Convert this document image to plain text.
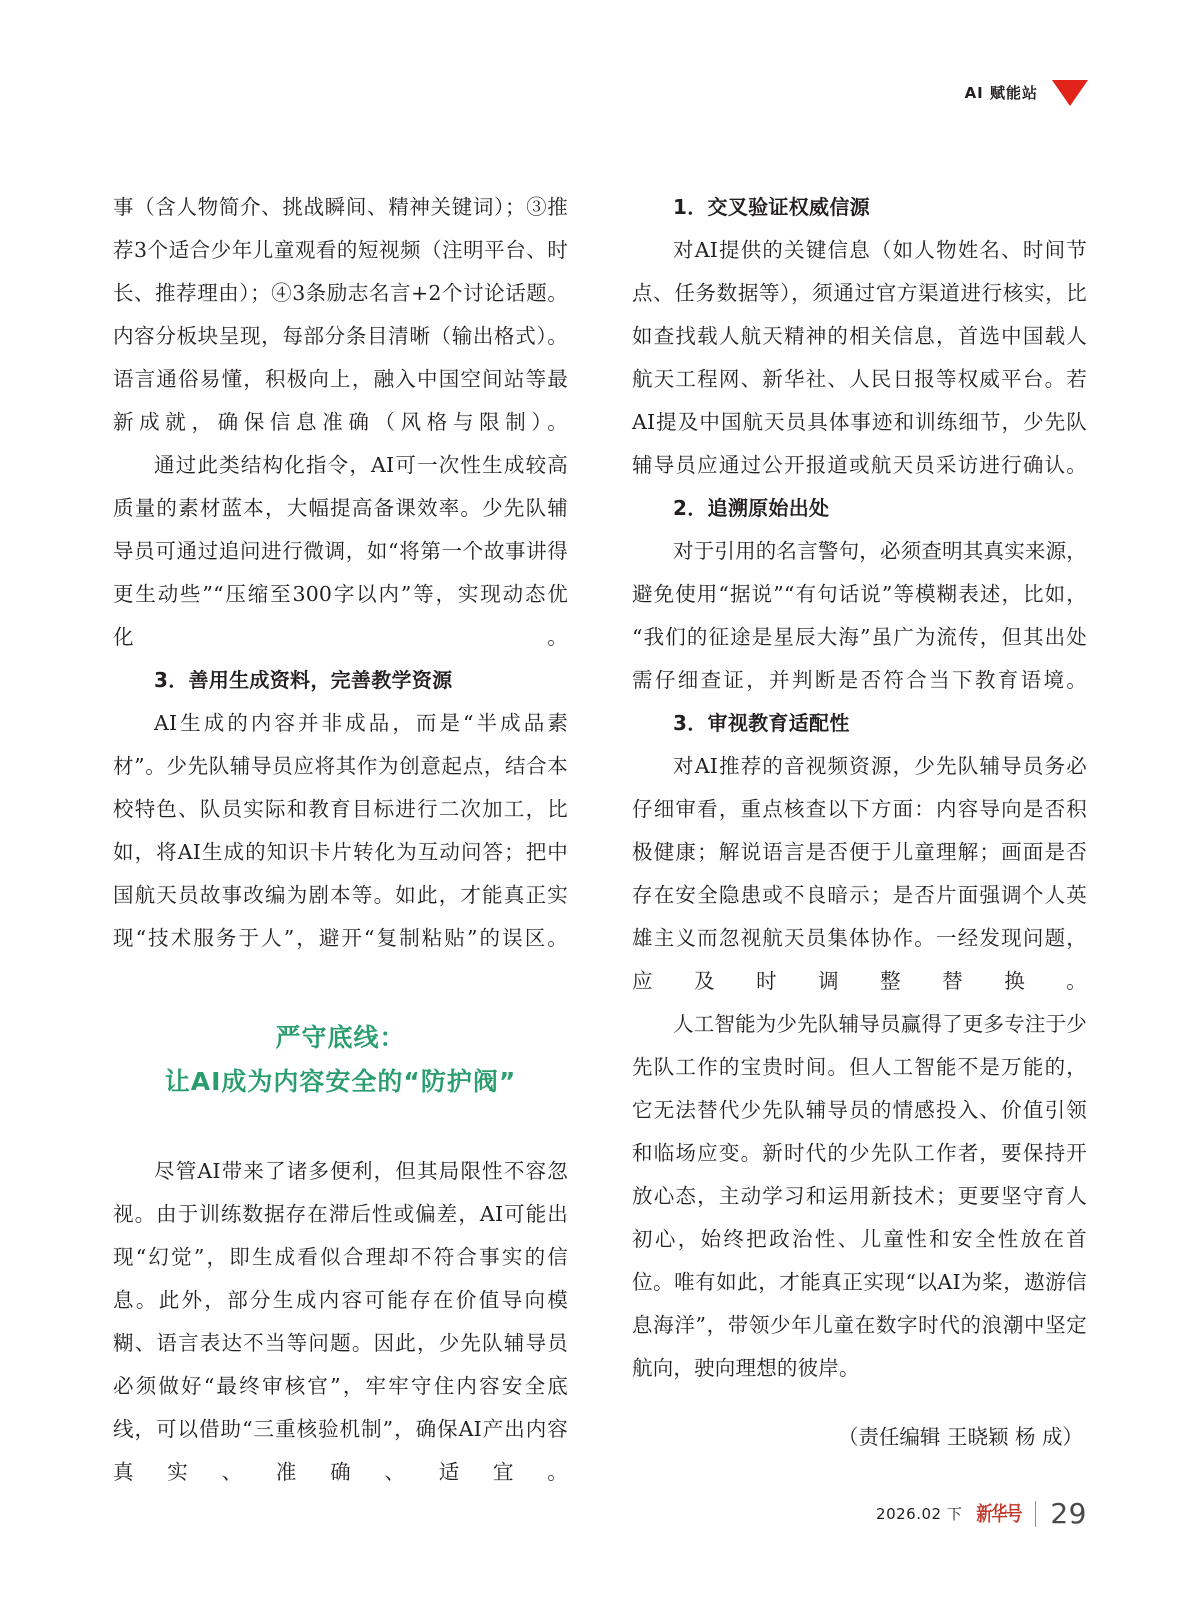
AI 赋能站

事（含人物简介、挑战瞬间、精神关键词）；③推荐3个适合少年儿童观看的短视频（注明平台、时长、推荐理由）；④3条励志名言+2个讨论话题。内容分板块呈现，每部分条目清晰（输出格式）。语言通俗易懂，积极向上，融入中国空间站等最新成就，确保信息准确（风格与限制）。

通过此类结构化指令，AI可一次性生成较高质量的素材蓝本，大幅提高备课效率。少先队辅导员可通过追问进行微调，如“将第一个故事讲得更生动些”“压缩至300字以内”等，实现动态优化。

3．善用生成资料，完善教学资源

AI生成的内容并非成品，而是“半成品素材”。少先队辅导员应将其作为创意起点，结合本校特色、队员实际和教育目标进行二次加工，比如，将AI生成的知识卡片转化为互动问答；把中国航天员故事改编为剧本等。如此，才能真正实现“技术服务于人”，避开“复制粘贴”的误区。

严守底线：
让AI成为内容安全的“防护阀”

尽管AI带来了诸多便利，但其局限性不容忽视。由于训练数据存在滞后性或偏差，AI可能出现“幻觉”，即生成看似合理却不符合事实的信息。此外，部分生成内容可能存在价值导向模糊、语言表达不当等问题。因此，少先队辅导员必须做好“最终审核官”，牢牢守住内容安全底线，可以借助“三重核验机制”，确保AI产出内容真实、准确、适宜。

1．交叉验证权威信源

对AI提供的关键信息（如人物姓名、时间节点、任务数据等），须通过官方渠道进行核实，比如查找载人航天精神的相关信息，首选中国载人航天工程网、新华社、人民日报等权威平台。若AI提及中国航天员具体事迹和训练细节，少先队辅导员应通过公开报道或航天员采访进行确认。

2．追溯原始出处

对于引用的名言警句，必须查明其真实来源，避免使用“据说”“有句话说”等模糊表述，比如，“我们的征途是星辰大海”虽广为流传，但其出处需仔细查证，并判断是否符合当下教育语境。

3．审视教育适配性

对AI推荐的音视频资源，少先队辅导员务必仔细审看，重点核查以下方面：内容导向是否积极健康；解说语言是否便于儿童理解；画面是否存在安全隐患或不良暗示；是否片面强调个人英雄主义而忽视航天员集体协作。一经发现问题，应及时调整替换。

人工智能为少先队辅导员赢得了更多专注于少先队工作的宝贵时间。但人工智能不是万能的，它无法替代少先队辅导员的情感投入、价值引领和临场应变。新时代的少先队工作者，要保持开放心态，主动学习和运用新技术；更要坚守育人初心，始终把政治性、儿童性和安全性放在首位。唯有如此，才能真正实现“以AI为桨，遨游信息海洋”，带领少年儿童在数字时代的浪潮中坚定航向，驶向理想的彼岸。

（责任编辑 王晓颖 杨 成）
2026.02 下 新华号 29
